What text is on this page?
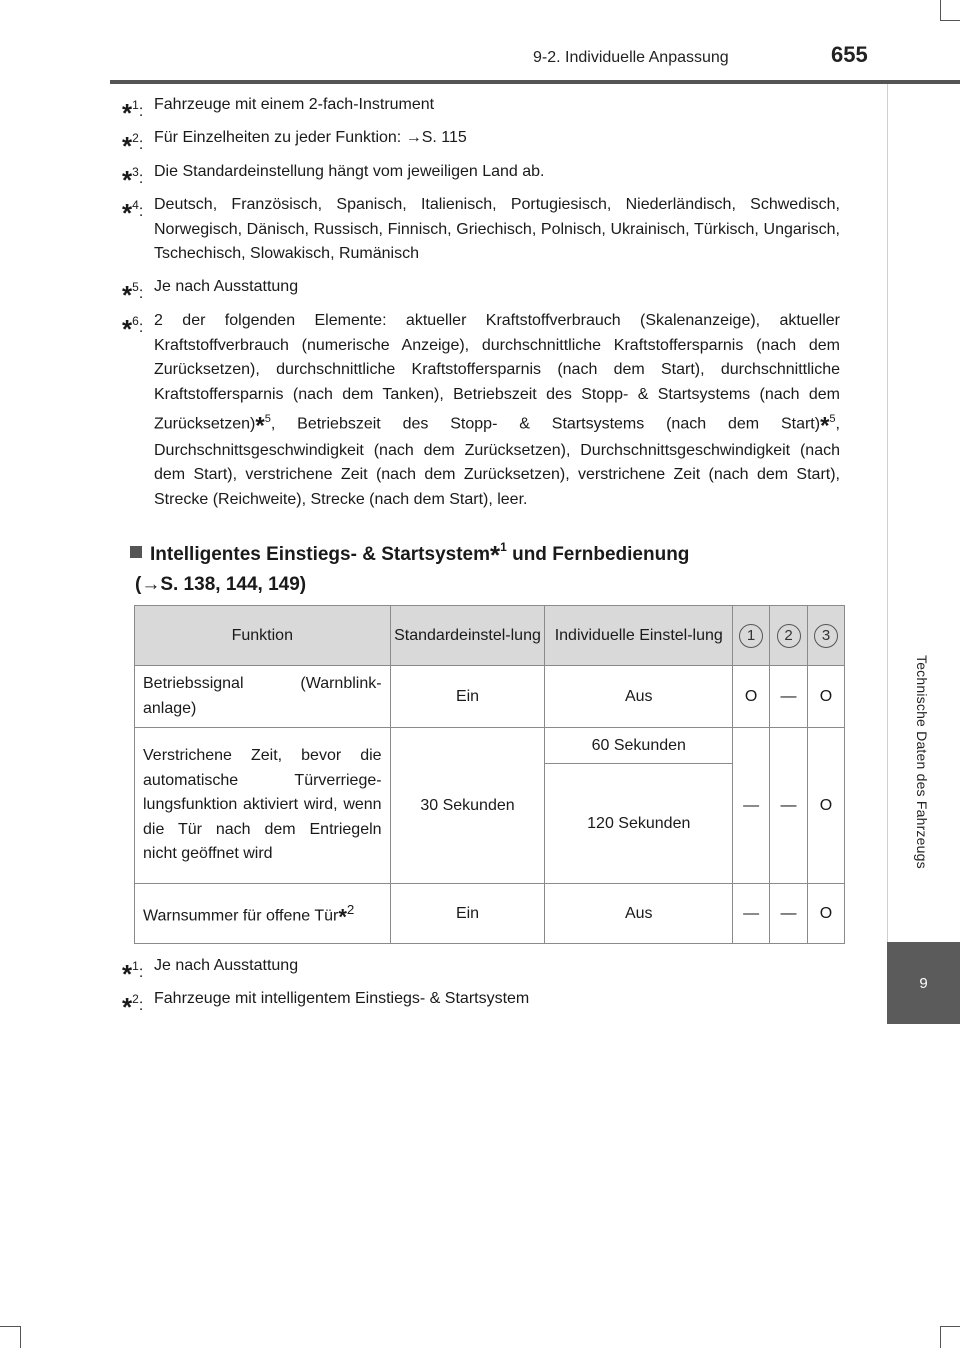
9-2. Individuelle Anpassung	655
Technische Daten des Fahrzeugs
9
*$^1$: Fahrzeuge mit einem 2-fach-Instrument
*$^2$: Für Einzelheiten zu jeder Funktion: →S. 115
*$^3$: Die Standardeinstellung hängt vom jeweiligen Land ab.
*$^4$: Deutsch, Französisch, Spanisch, Italienisch, Portugiesisch, Niederländisch, Schwedisch, Norwegisch, Dänisch, Russisch, Finnisch, Griechisch, Polnisch, Ukrainisch, Türkisch, Ungarisch, Tschechisch, Slowakisch, Rumänisch
*$^5$: Je nach Ausstattung
*$^6$: 2 der folgenden Elemente: aktueller Kraftstoffverbrauch (Skalenanzeige), aktueller Kraftstoffverbrauch (numerische Anzeige), durchschnittliche Kraftstoffersparnis (nach dem Zurücksetzen), durchschnittliche Kraftstoffersparnis (nach dem Start), durchschnittliche Kraftstoffersparnis (nach dem Tanken), Betriebszeit des Stopp- & Startsystems (nach dem Zurücksetzen)*$^5$, Betriebszeit des Stopp- & Startsystems (nach dem Start)*$^5$, Durchschnittsgeschwindigkeit (nach dem Zurücksetzen), Durchschnittsgeschwindigkeit (nach dem Start), verstrichene Zeit (nach dem Zurücksetzen), verstrichene Zeit (nach dem Start), Strecke (Reichweite), Strecke (nach dem Start), leer.
Intelligentes Einstiegs- & Startsystem*$^1$ und Fernbedienung
(→S. 138, 144, 149)
Funktion	Standardeinstel-lung	Individuelle Einstel-lung	1	2	3
Betriebssignal (Warnblink-anlage)	Ein	Aus	O	—	O
Verstrichene Zeit, bevor die automatische Türverriege-lungsfunktion aktiviert wird, wenn die Tür nach dem Entriegeln nicht geöffnet wird	30 Sekunden	60 Sekunden	—	—	O
		120 Sekunden			
Warnsummer für offene Tür*$^2$	Ein	Aus	—	—	O
*$^1$: Je nach Ausstattung
*$^2$: Fahrzeuge mit intelligentem Einstiegs- & Startsystem
